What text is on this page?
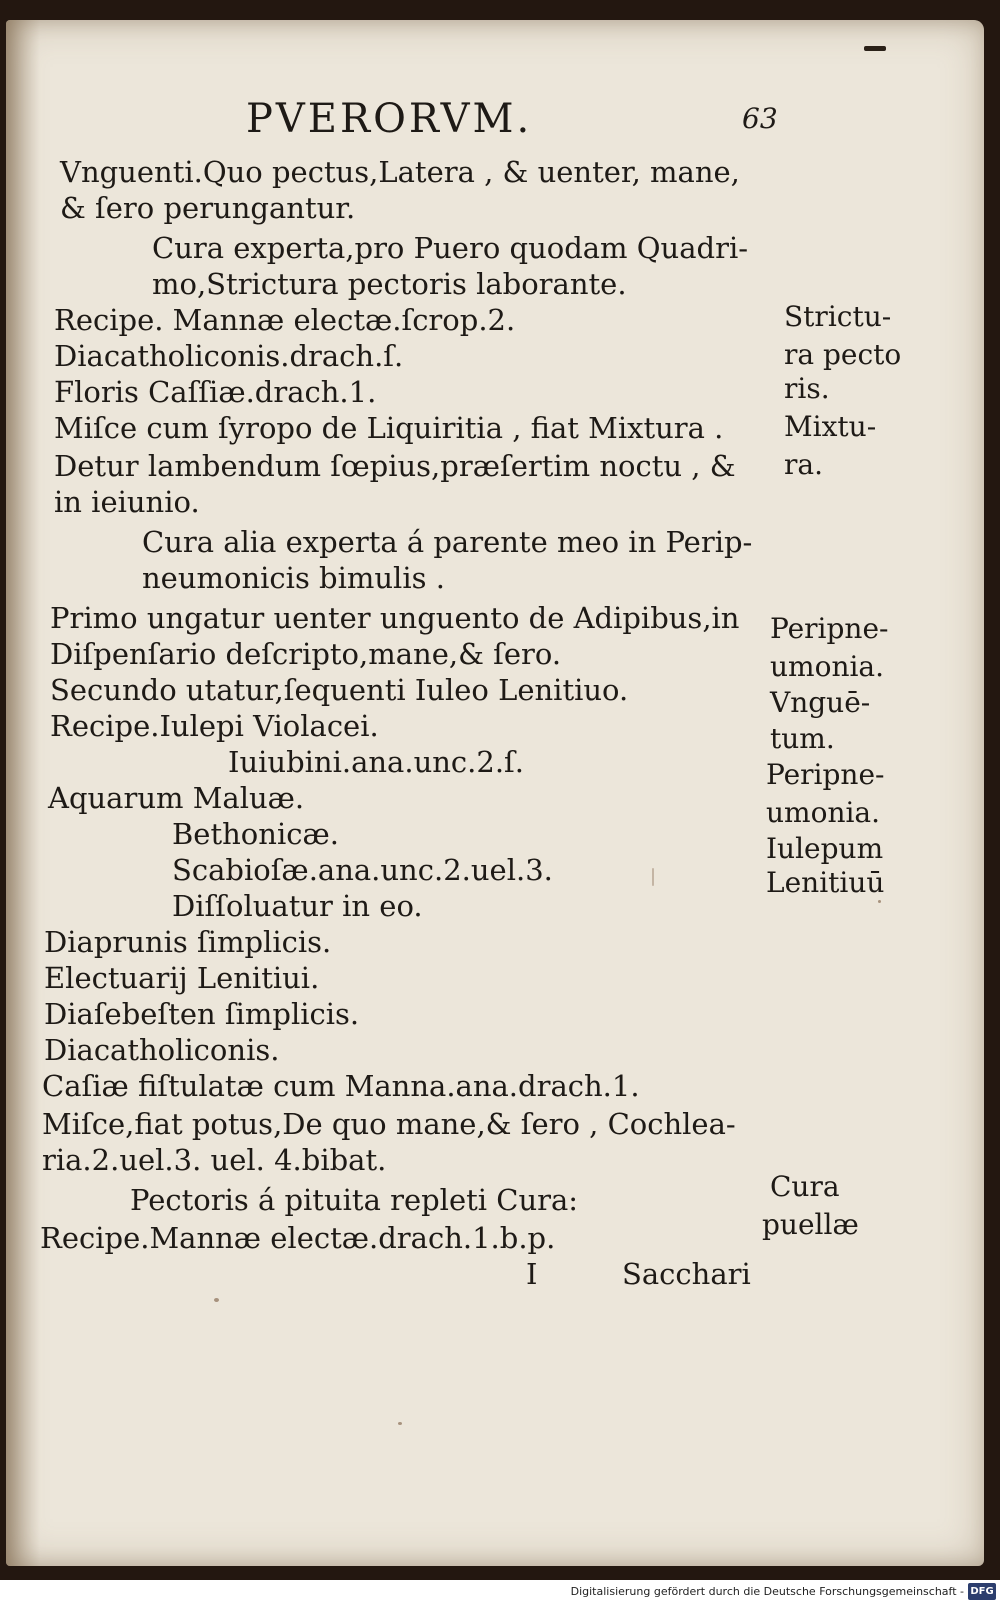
PVERORVM.	63
Vnguenti.Quo pectus,Latera , & uenter, mane,
& ſero perungantur.
Cura experta,pro Puero quodam Quadri-
mo,Strictura pectoris laborante.
Recipe. Mannæ electæ.ſcrop.2.
Diacatholiconis.drach.ſ.
Floris Caſſiæ.drach.1.
Miſce cum ſyropo de Liquiritia , fiat Mixtura .
Detur lambendum ſœpius,præſertim noctu , &
in ieiunio.
Cura alia experta á parente meo in Perip-
neumonicis bimulis .
Primo ungatur uenter unguento de Adipibus,in
Diſpenſario deſcripto,mane,& ſero.
Secundo utatur,ſequenti Iuleo Lenitiuo.
Recipe.Iulepi Violacei.
Iuiubini.ana.unc.2.ſ.
Aquarum Maluæ.
Bethonicæ.
Scabioſæ.ana.unc.2.uel.3.
Diſſoluatur in eo.
Diaprunis ſimplicis.
Electuarij Lenitiui.
Diaſebeſten ſimplicis.
Diacatholiconis.
Caſiæ fiſtulatæ cum Manna.ana.drach.1.
Miſce,fiat potus,De quo mane,& ſero , Cochlea-
ria.2.uel.3. uel. 4.bibat.
Pectoris á pituita repleti Cura:
Recipe.Mannæ electæ.drach.1.b.p.
Strictu-
ra pecto
ris.
Mixtu-
ra.
Peripne-
umonia.
Vnguē-
tum.
Peripne-
umonia.
Iulepum
Lenitiuū
Cura
puellæ
I	Sacchari
Digitalisierung gefördert durch die Deutsche Forschungsgemeinschaft - DFG
